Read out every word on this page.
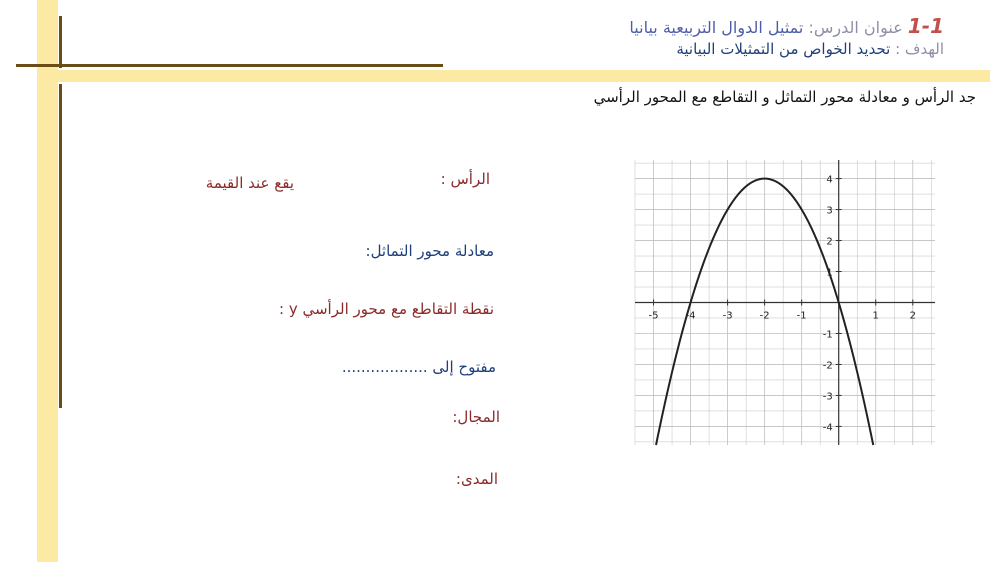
1-1 عنوان الدرس: تمثيل الدوال التربيعية بيانيا
الهدف : تحديد الخواص من التمثيلات البيانية
جد الرأس و معادلة محور التماثل و التقاطع مع المحور الرأسي
الرأس :
يقع عند القيمة
معادلة محور التماثل:
نقطة التقاطع مع محور الرأسي y :
مفتوح إلى ..................
المجال:
المدى:
-5	-4	-3	-2	-1	1	2
4
3
2
1
-1
-2
-3
-4
